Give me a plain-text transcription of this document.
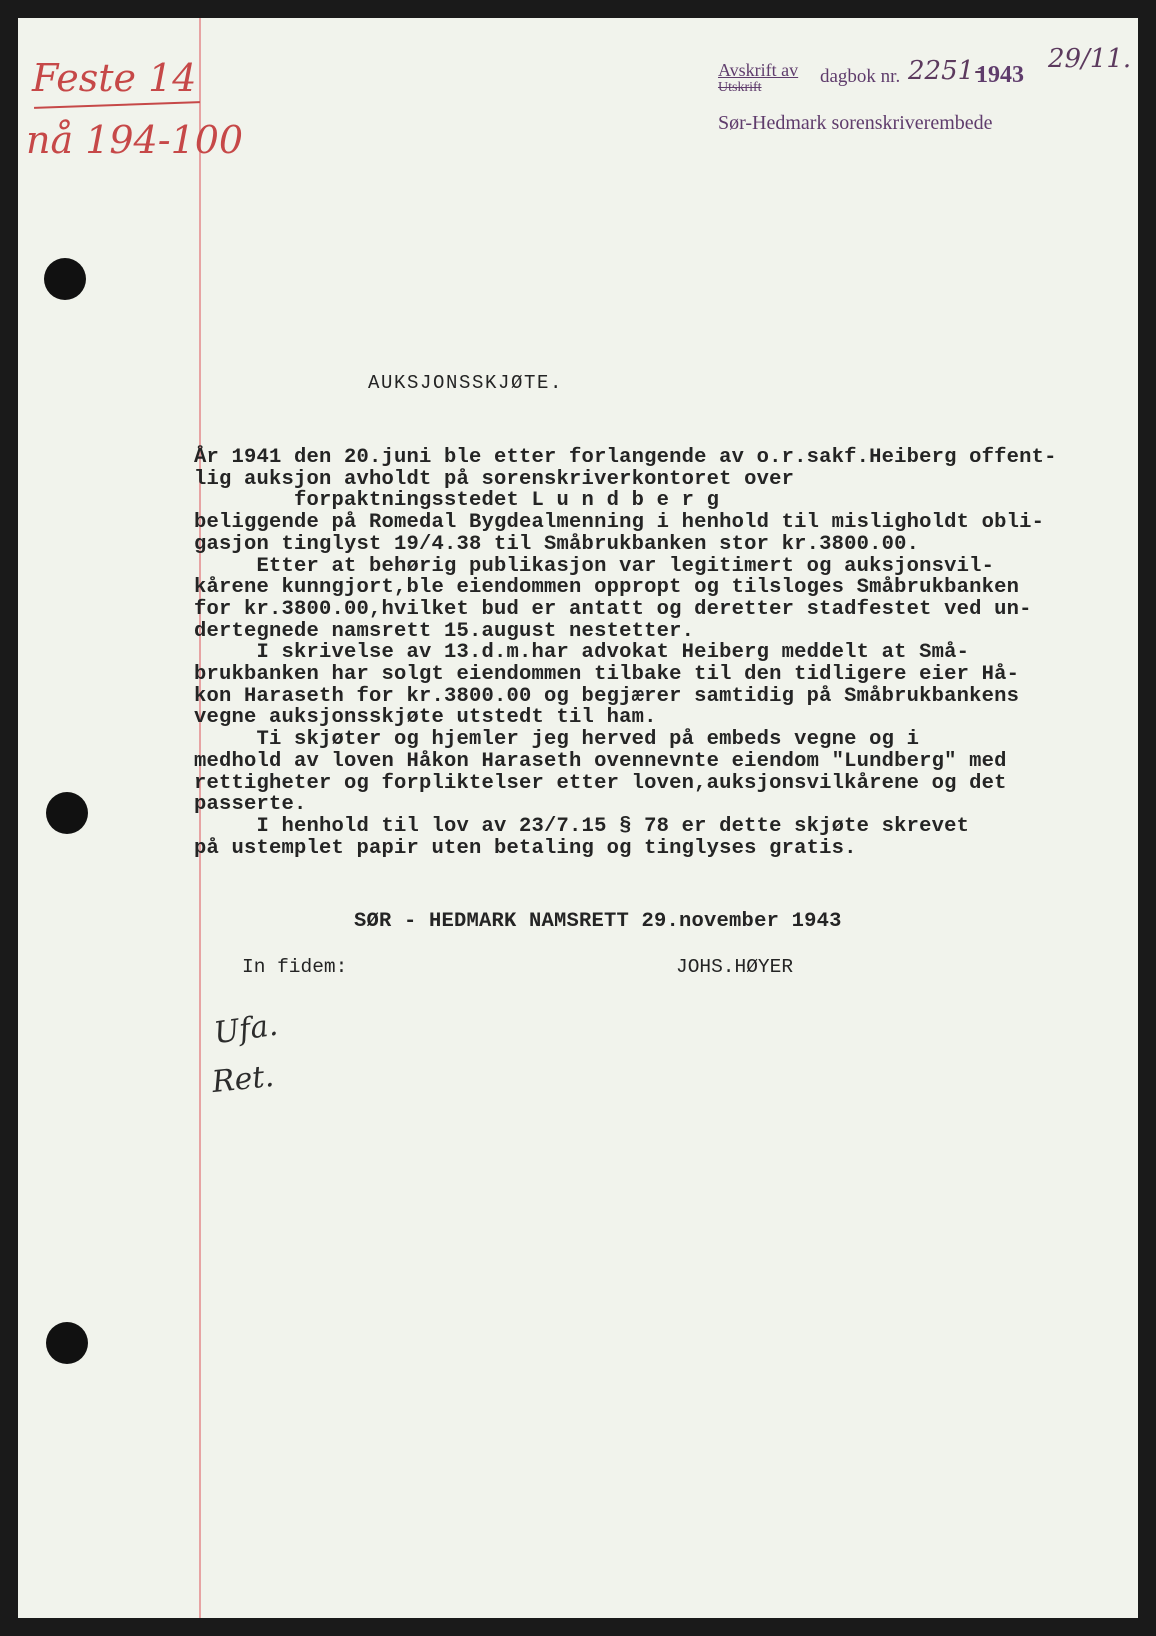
Feste 14
nå 194-100
Avskrift av
Utskrift
dagbok nr. 2251-
1943
29/11.
Sør-Hedmark sorenskriverembede
AUKSJONSSKJØTE.
År 1941 den 20.juni ble etter forlangende av o.r.sakf.Heiberg offent-
lig auksjon avholdt på sorenskriverkontoret over
forpaktningsstedet L u n d b e r g
beliggende på Romedal Bygdealmenning i henhold til misligholdt obli-
gasjon tinglyst 19/4.38 til Småbrukbanken stor kr.3800.00.
Etter at behørig publikasjon var legitimert og auksjonsvil-
kårene kunngjort,ble eiendommen oppropt og tilsloges Småbrukbanken
for kr.3800.00,hvilket bud er antatt og deretter stadfestet ved un-
dertegnede namsrett 15.august nestetter.
I skrivelse av 13.d.m.har advokat Heiberg meddelt at Små-
brukbanken har solgt eiendommen tilbake til den tidligere eier Hå-
kon Haraseth for kr.3800.00 og begjærer samtidig på Småbrukbankens
vegne auksjonsskjøte utstedt til ham.
Ti skjøter og hjemler jeg herved på embeds vegne og i
medhold av loven Håkon Haraseth ovennevnte eiendom "Lundberg" med
rettigheter og forpliktelser etter loven,auksjonsvilkårene og det
passerte.
I henhold til lov av 23/7.15 § 78 er dette skjøte skrevet
på ustemplet papir uten betaling og tinglyses gratis.
SØR - HEDMARK NAMSRETT 29.november 1943
In fidem:	JOHS.HØYER
Ufa.
Ret.
